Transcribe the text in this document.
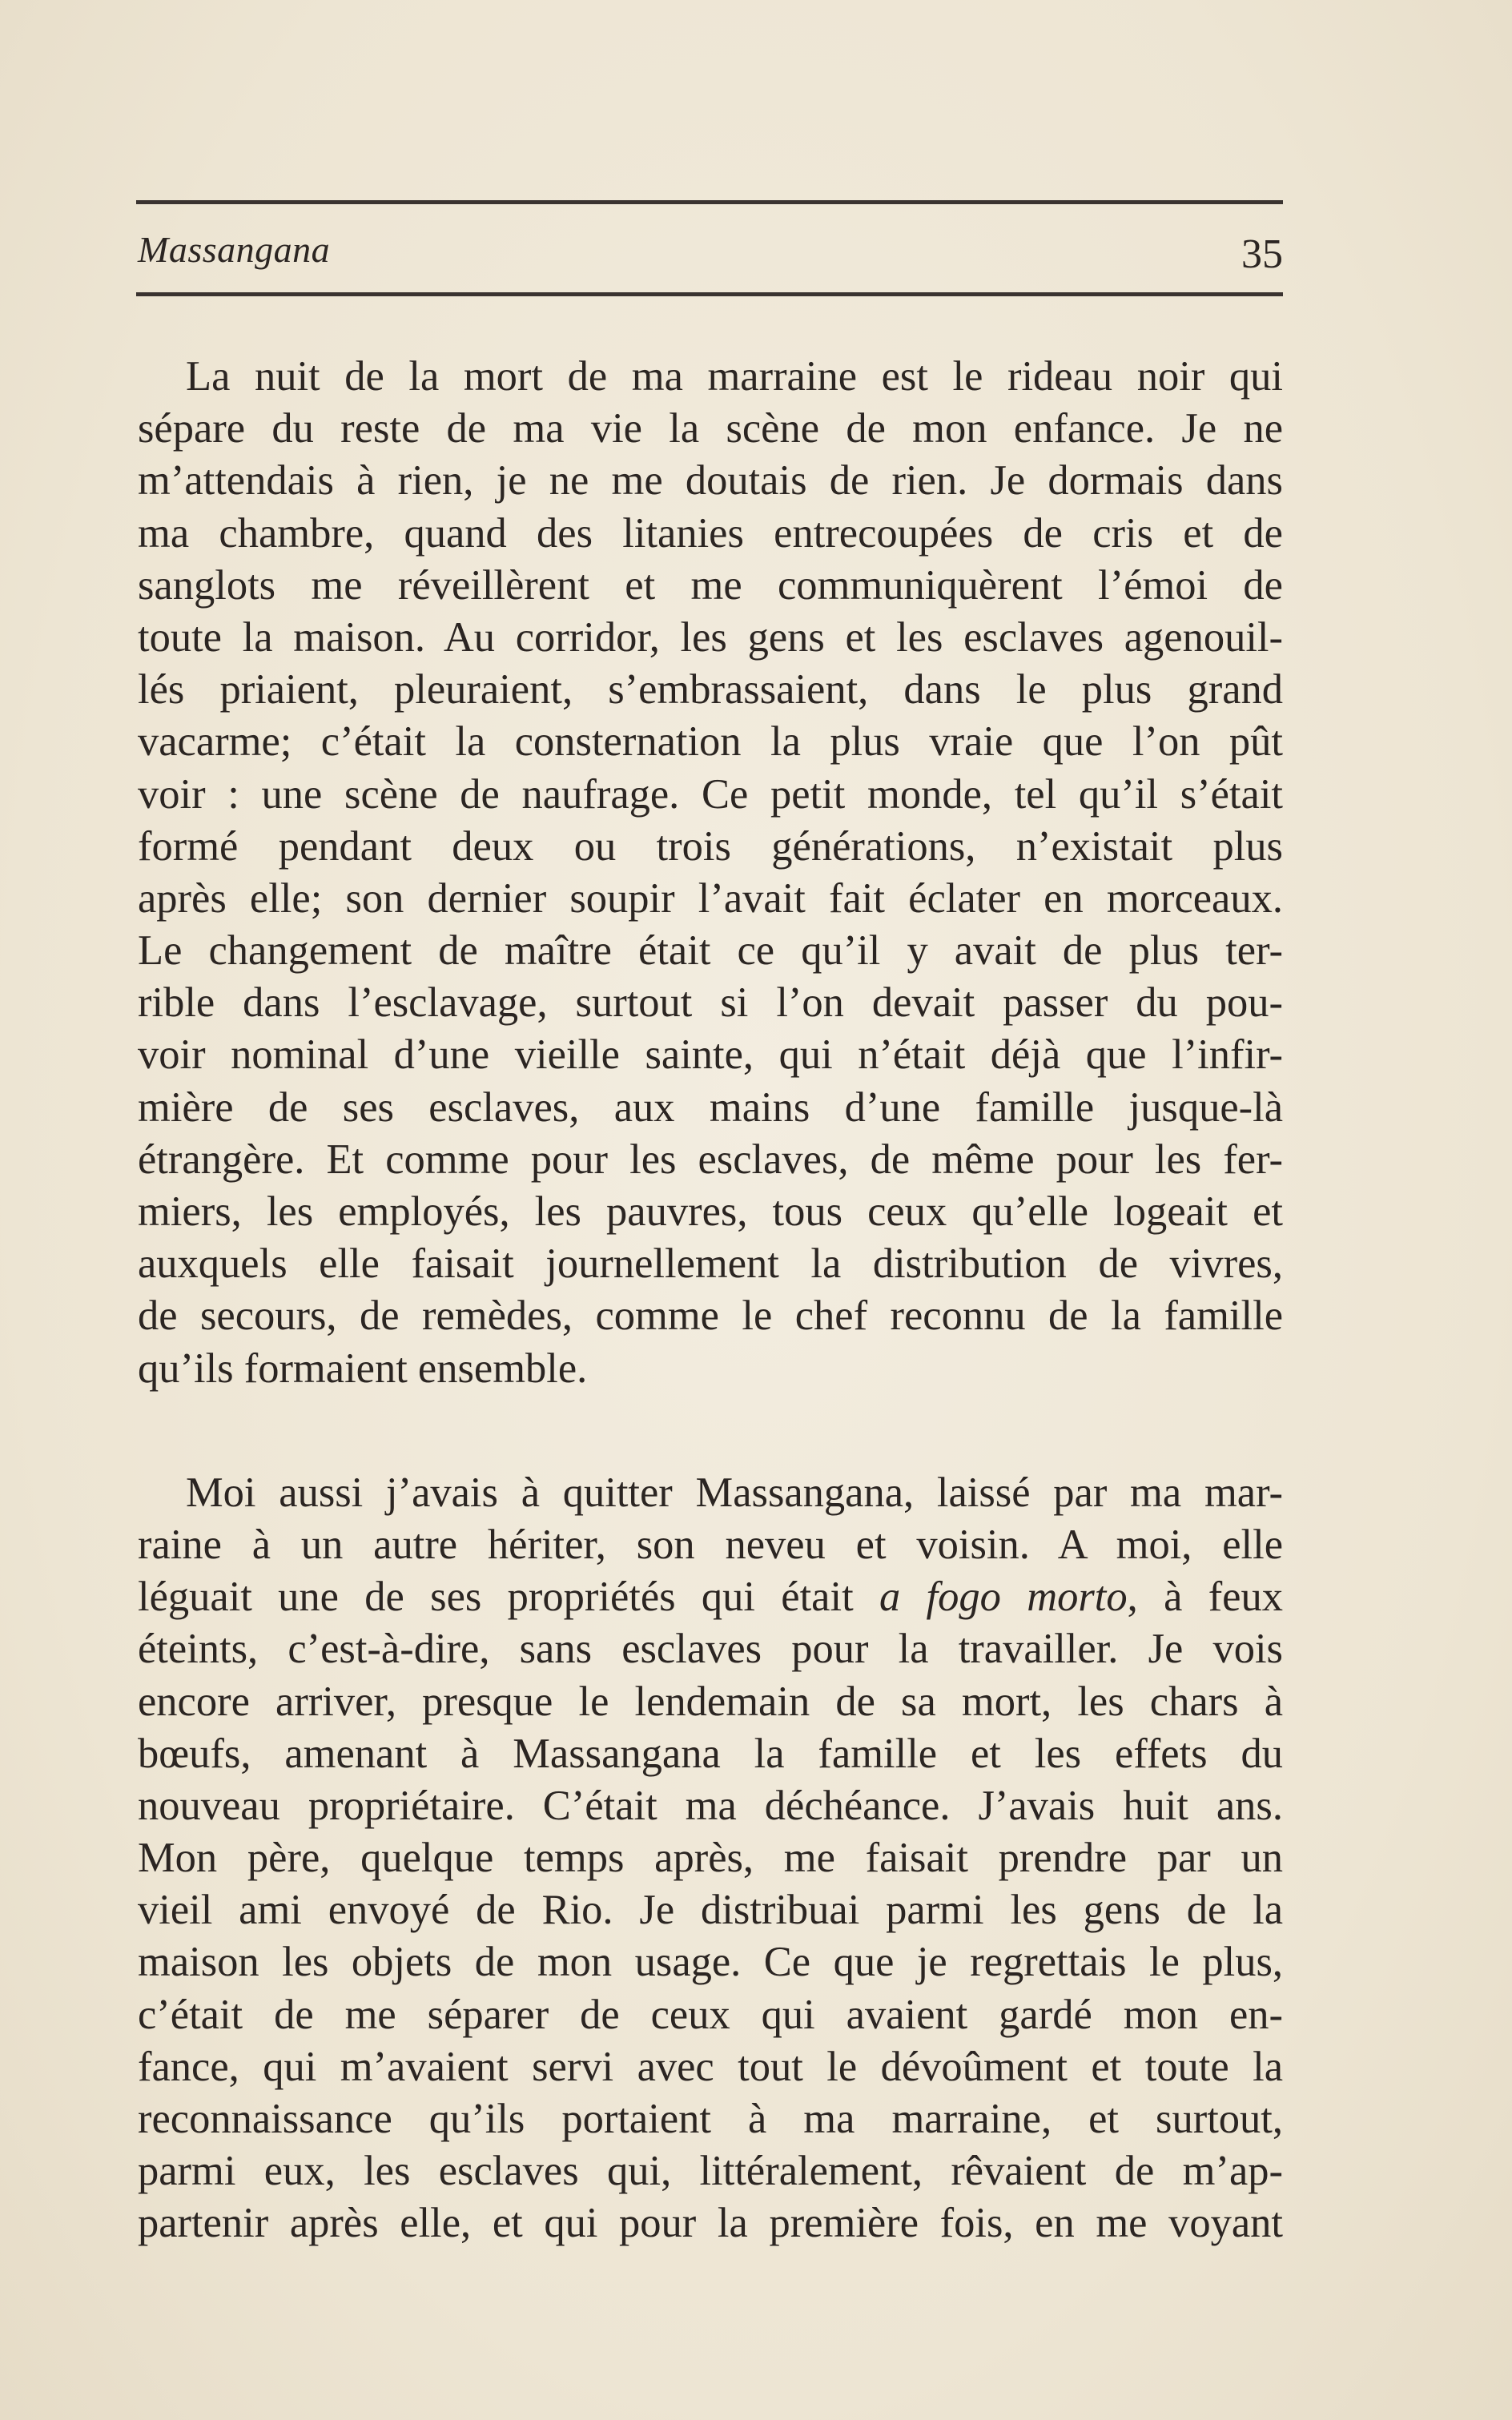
Massangana	35
La nuit de la mort de ma marraine est le rideau noir qui
sépare du reste de ma vie la scène de mon enfance. Je ne
m’attendais à rien, je ne me doutais de rien. Je dormais dans
ma chambre, quand des litanies entrecoupées de cris et de
sanglots me réveillèrent et me communiquèrent l’émoi de
toute la maison. Au corridor, les gens et les esclaves agenouil-
lés priaient, pleuraient, s’embrassaient, dans le plus grand
vacarme; c’était la consternation la plus vraie que l’on pût
voir : une scène de naufrage. Ce petit monde, tel qu’il s’était
formé pendant deux ou trois générations, n’existait plus
après elle; son dernier soupir l’avait fait éclater en morceaux.
Le changement de maître était ce qu’il y avait de plus ter-
rible dans l’esclavage, surtout si l’on devait passer du pou-
voir nominal d’une vieille sainte, qui n’était déjà que l’infir-
mière de ses esclaves, aux mains d’une famille jusque-là
étrangère. Et comme pour les esclaves, de même pour les fer-
miers, les employés, les pauvres, tous ceux qu’elle logeait et
auxquels elle faisait journellement la distribution de vivres,
de secours, de remèdes, comme le chef reconnu de la famille
qu’ils formaient ensemble.
Moi aussi j’avais à quitter Massangana, laissé par ma mar-
raine à un autre hériter, son neveu et voisin. A moi, elle
léguait une de ses propriétés qui était a fogo morto, à feux
éteints, c’est-à-dire, sans esclaves pour la travailler. Je vois
encore arriver, presque le lendemain de sa mort, les chars à
bœufs, amenant à Massangana la famille et les effets du
nouveau propriétaire. C’était ma déchéance. J’avais huit ans.
Mon père, quelque temps après, me faisait prendre par un
vieil ami envoyé de Rio. Je distribuai parmi les gens de la
maison les objets de mon usage. Ce que je regrettais le plus,
c’était de me séparer de ceux qui avaient gardé mon en-
fance, qui m’avaient servi avec tout le dévoûment et toute la
reconnaissance qu’ils portaient à ma marraine, et surtout,
parmi eux, les esclaves qui, littéralement, rêvaient de m’ap-
partenir après elle, et qui pour la première fois, en me voyant
